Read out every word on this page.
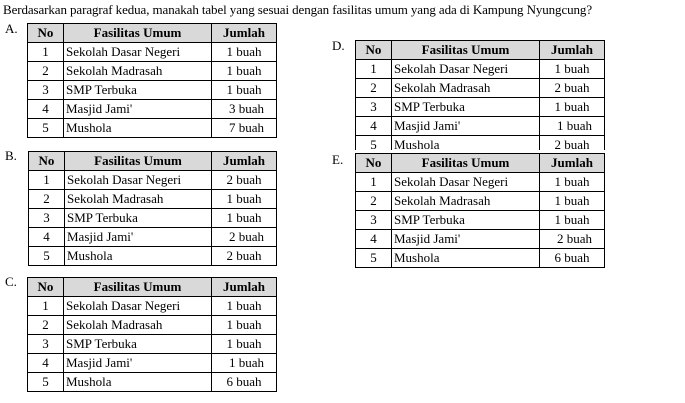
Berdasarkan paragraf kedua, manakah tabel yang sesuai dengan fasilitas umum yang ada di Kampung Nyungcung?
A. No	Fasilitas Umum	Jumlah
1	Sekolah Dasar Negeri	1 buah
2	Sekolah Madrasah	1 buah
3	SMP Terbuka	1 buah
4	Masjid Jami'	3 buah
5	Mushola	7 buah
B. No	Fasilitas Umum	Jumlah
1	Sekolah Dasar Negeri	2 buah
2	Sekolah Madrasah	1 buah
3	SMP Terbuka	1 buah
4	Masjid Jami'	2 buah
5	Mushola	2 buah
C. No	Fasilitas Umum	Jumlah
1	Sekolah Dasar Negeri	1 buah
2	Sekolah Madrasah	1 buah
3	SMP Terbuka	1 buah
4	Masjid Jami'	1 buah
5	Mushola	6 buah
D. No	Fasilitas Umum	Jumlah
1	Sekolah Dasar Negeri	1 buah
2	Sekolah Madrasah	2 buah
3	SMP Terbuka	1 buah
4	Masjid Jami'	1 buah
5	Mushola	2 buah
E. No	Fasilitas Umum	Jumlah
1	Sekolah Dasar Negeri	1 buah
2	Sekolah Madrasah	1 buah
3	SMP Terbuka	1 buah
4	Masjid Jami'	2 buah
5	Mushola	6 buah
